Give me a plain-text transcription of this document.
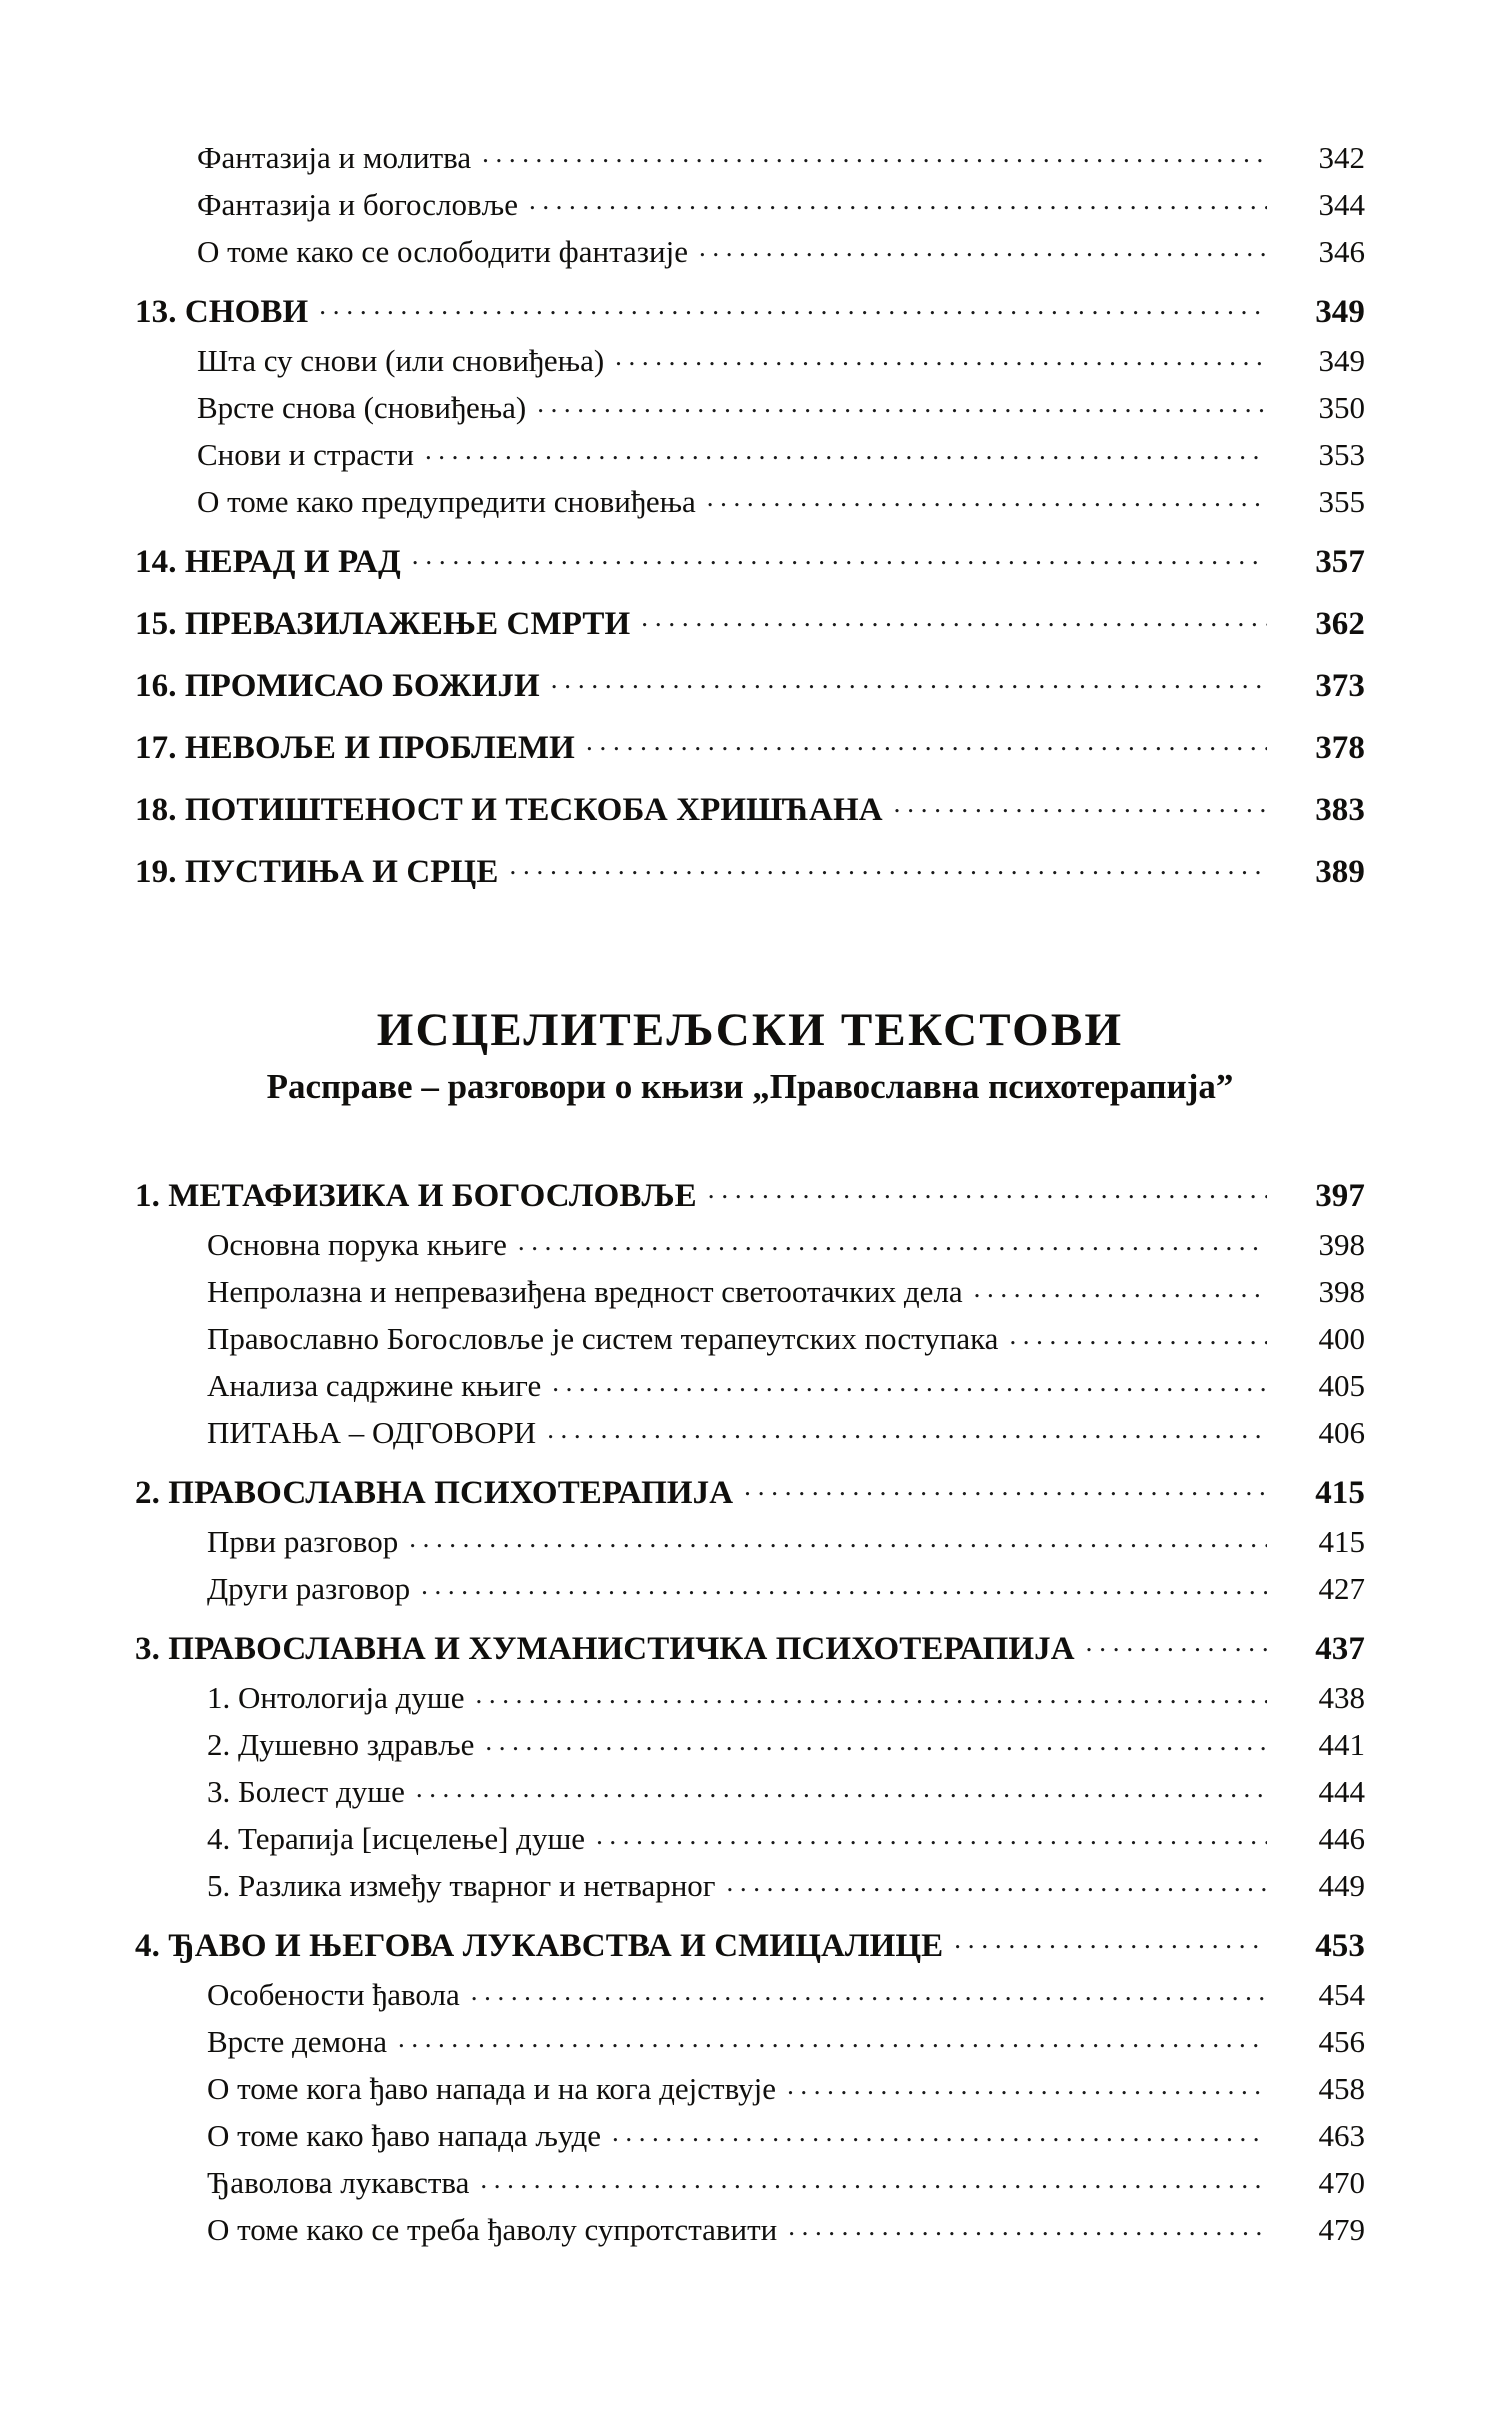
Фантазија и молитва .....	342
Фантазија и богословље .....	344
О томе како се ослободити фантазије .....	346
13. СНОВИ .....	349
Шта су снови (или сновиђења) .....	349
Врсте снова (сновиђења) .....	350
Снови и страсти .....	353
О томе како предупредити сновиђења .....	355
14. НЕРАД И РАД .....	357
15. ПРЕВАЗИЛАЖЕЊЕ СМРТИ .....	362
16. ПРОМИСАО БОЖИЈИ .....	373
17. НЕВОЉЕ И ПРОБЛЕМИ .....	378
18. ПОТИШТЕНОСТ И ТЕСКОБА ХРИШЋАНА .....	383
19. ПУСТИЊА И СРЦЕ .....	389
ИСЦЕЛИТЕЉСКИ ТЕКСТОВИ
Расправе – разговори о књизи „Православна психотерапија”
1. МЕТАФИЗИКА И БОГОСЛОВЉЕ .....	397
Основна порука књиге .....	398
Непролазна и непревазиђена вредност светоотачких дела .....	398
Православно Богословље је систем терапеутских поступака .....	400
Анализа садржине књиге .....	405
ПИТАЊА – ОДГОВОРИ .....	406
2. ПРАВОСЛАВНА ПСИХОТЕРАПИЈА .....	415
Први разговор .....	415
Други разговор .....	427
3. ПРАВОСЛАВНА И ХУМАНИСТИЧКА ПСИХОТЕРАПИЈА .....	437
1. Онтологија душе .....	438
2. Душевно здравље .....	441
3. Болест душе .....	444
4. Терапија [исцелење] душе .....	446
5. Разлика између тварног и нетварног .....	449
4. ЂАВО И ЊЕГОВА ЛУКАВСТВА И СМИЦАЛИЦЕ .....	453
Особености ђавола .....	454
Врсте демона .....	456
О томе кога ђаво напада и на кога дејствује .....	458
О томе како ђаво напада људе .....	463
Ђаволова лукавства .....	470
О томе како се треба ђаволу супротставити .....	479
